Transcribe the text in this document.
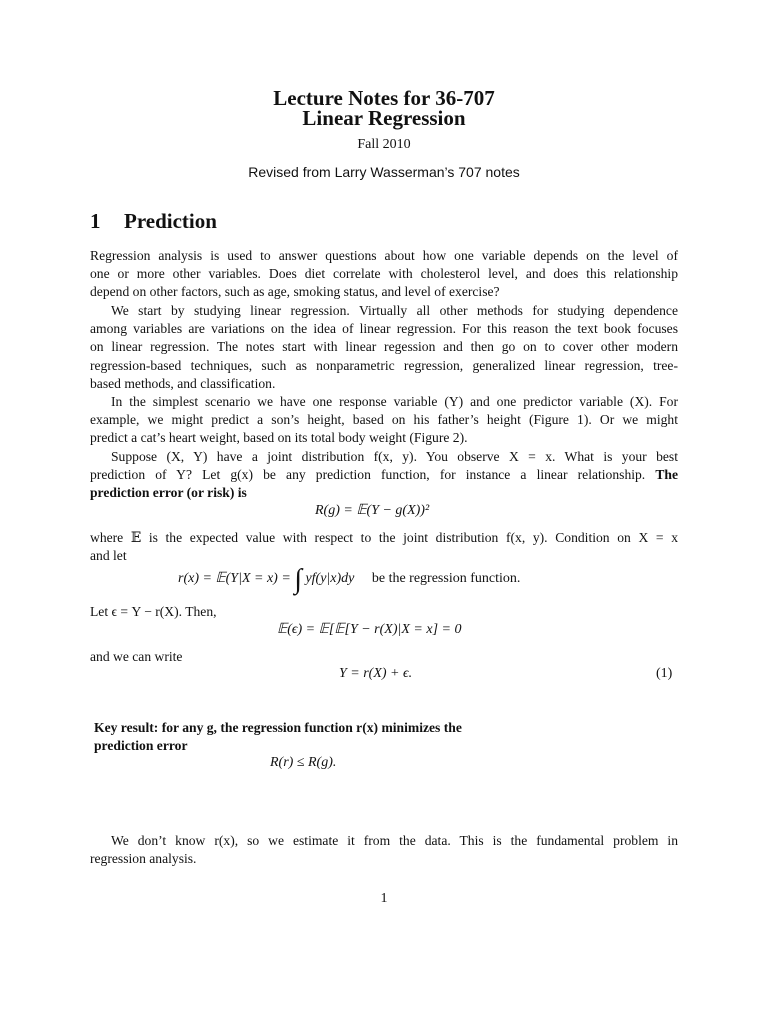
Lecture Notes for 36-707
Linear Regression
Fall 2010
Revised from Larry Wasserman’s 707 notes
1 Prediction
Regression analysis is used to answer questions about how one variable depends on the level of
one or more other variables. Does diet correlate with cholesterol level, and does this relationship
depend on other factors, such as age, smoking status, and level of exercise?
We start by studying linear regression. Virtually all other methods for studying dependence
among variables are variations on the idea of linear regression. For this reason the text book focuses
on linear regression. The notes start with linear regession and then go on to cover other modern
regression-based techniques, such as nonparametric regression, generalized linear regression, tree-
based methods, and classification.
In the simplest scenario we have one response variable (Y) and one predictor variable (X). For
example, we might predict a son’s height, based on his father’s height (Figure 1). Or we might
predict a cat’s heart weight, based on its total body weight (Figure 2).
Suppose (X, Y) have a joint distribution f(x, y). You observe X = x. What is your best
prediction of Y? Let g(x) be any prediction function, for instance a linear relationship. The
prediction error (or risk) is
R(g) = 𝔼(Y − g(X))²
where 𝔼 is the expected value with respect to the joint distribution f(x, y). Condition on X = x
and let
r(x) = 𝔼(Y|X = x) = ∫ yf(y|x)dy be the regression function.
Let ϵ = Y − r(X). Then,
𝔼(ϵ) = 𝔼[𝔼[Y − r(X)|X = x] = 0
and we can write
Y = r(X) + ϵ.	(1)
Key result: for any g, the regression function r(x) minimizes the
prediction error
R(r) ≤ R(g).
We don’t know r(x), so we estimate it from the data. This is the fundamental problem in
regression analysis.
1
